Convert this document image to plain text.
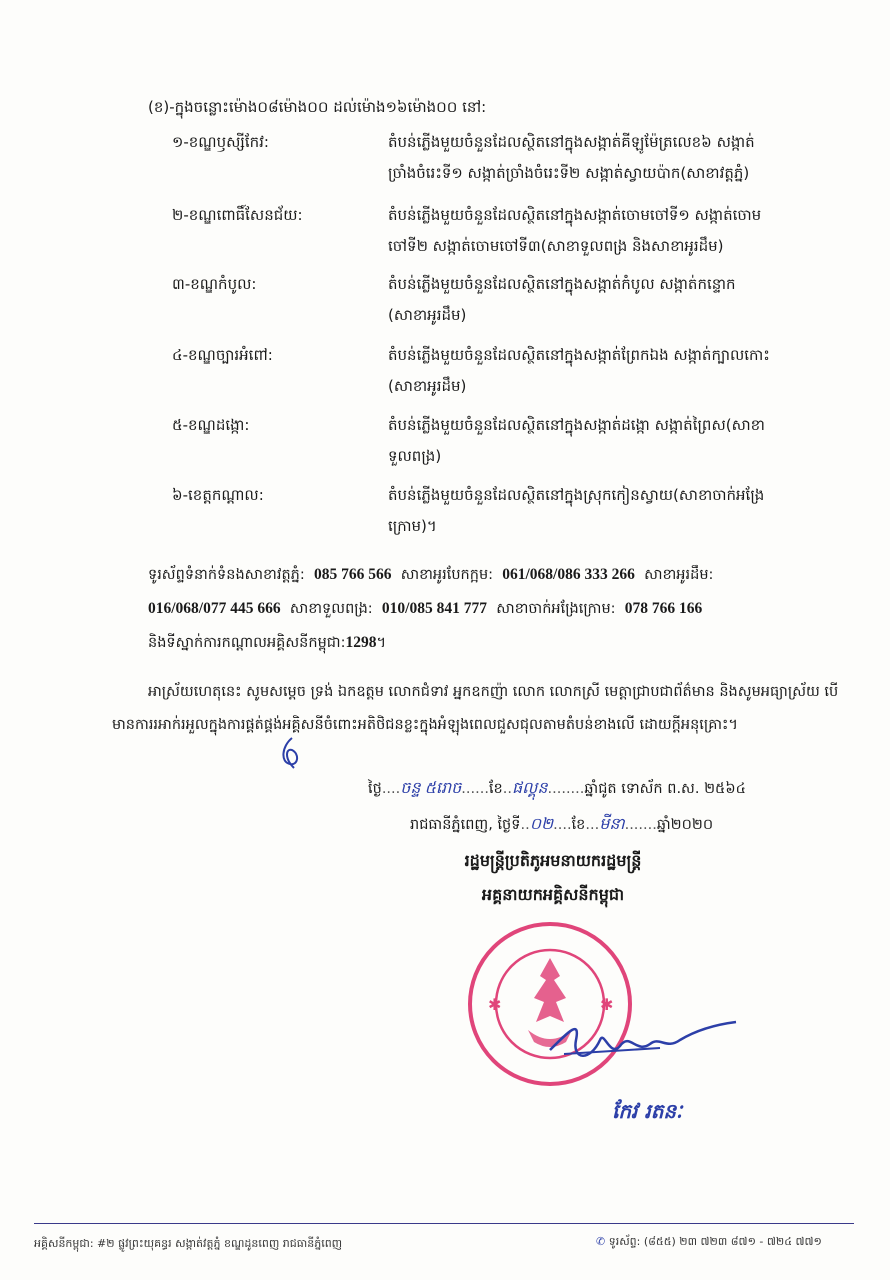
(ខ)-ក្នុងចន្លោះម៉ោង០៨ម៉ោង០០ ដល់ម៉ោង១៦ម៉ោង០០ នៅ:
១-ខណ្ឌឫស្សីកែវ:	តំបន់ភ្លើងមួយចំនួនដែលស្ថិតនៅក្នុងសង្កាត់គីឡូម៉ែត្រលេខ៦ សង្កាត់
ច្រាំងចំរេះទី១ សង្កាត់ច្រាំងចំរេះទី២ សង្កាត់ស្វាយប៉ាក(សាខាវត្តភ្នំ)
២-ខណ្ឌពោធិ៍សែនជ័យ:	តំបន់ភ្លើងមួយចំនួនដែលស្ថិតនៅក្នុងសង្កាត់ចោមចៅទី១ សង្កាត់ចោម
ចៅទី២ សង្កាត់ចោមចៅទី៣(សាខាទួលពង្រ និងសាខាអូរដឹម)
៣-ខណ្ឌកំបូល:	តំបន់ភ្លើងមួយចំនួនដែលស្ថិតនៅក្នុងសង្កាត់កំបូល សង្កាត់កន្ទោក
(សាខាអូរដឹម)
៤-ខណ្ឌច្បារអំពៅ:	តំបន់ភ្លើងមួយចំនួនដែលស្ថិតនៅក្នុងសង្កាត់ព្រែកឯង សង្កាត់ក្បាលកោះ
(សាខាអូរដឹម)
៥-ខណ្ឌដង្កោ:	តំបន់ភ្លើងមួយចំនួនដែលស្ថិតនៅក្នុងសង្កាត់ដង្កោ សង្កាត់ព្រៃស(សាខា
ទួលពង្រ)
៦-ខេត្តកណ្តាល:	តំបន់ភ្លើងមួយចំនួនដែលស្ថិតនៅក្នុងស្រុកកៀនស្វាយ(សាខាចាក់អង្រែ
ក្រោម)។
ទូរស័ព្ទទំនាក់ទំនងសាខាវត្តភ្នំ: 085 766 566 សាខាអូរបែកក្អម: 061/068/086 333 266 សាខាអូរដឹម:
016/068/077 445 666 សាខាទួលពង្រ: 010/085 841 777 សាខាចាក់អង្រែក្រោម: 078 766 166
និងទីស្នាក់ការកណ្តាលអគ្គិសនីកម្ពុជា:1298។
អាស្រ័យហេតុនេះ សូមសម្តេច ទ្រង់ ឯកឧត្តម លោកជំទាវ អ្នកឧកញ៉ា លោក លោកស្រី មេត្តាជ្រាបជាព័ត៌មាន និងសូមអធ្យាស្រ័យ បើមានការរអាក់រអួលក្នុងការផ្គត់ផ្គង់អគ្គិសនីចំពោះអតិថិជនខ្លះក្នុងអំឡុងពេលជួសជុលតាមតំបន់ខាងលើ ដោយក្តីអនុគ្រោះ។
ថ្ងៃ....ចន្ទ ៥រោច......ខែ..ផល្គុន........ឆ្នាំជូត ទោស័ក ព.ស. ២៥៦៤
រាជធានីភ្នំពេញ, ថ្ងៃទី..០២....ខែ...មីនា.......ឆ្នាំ២០២០
រដ្ឋមន្ត្រីប្រតិភូអមនាយករដ្ឋមន្ត្រី
អគ្គនាយកអគ្គិសនីកម្ពុជា
✱	✱
កែវ រតនៈ
អគ្គិសនីកម្ពុជា: #២ ផ្លូវព្រះយុគន្ធរ សង្កាត់វត្តភ្នំ ខណ្ឌដូនពេញ រាជធានីភ្នំពេញ	✆ ទូរស័ព្ទ: (៨៥៥) ២៣ ៧២៣ ៨៧១ - ៧២៤ ៧៧១
